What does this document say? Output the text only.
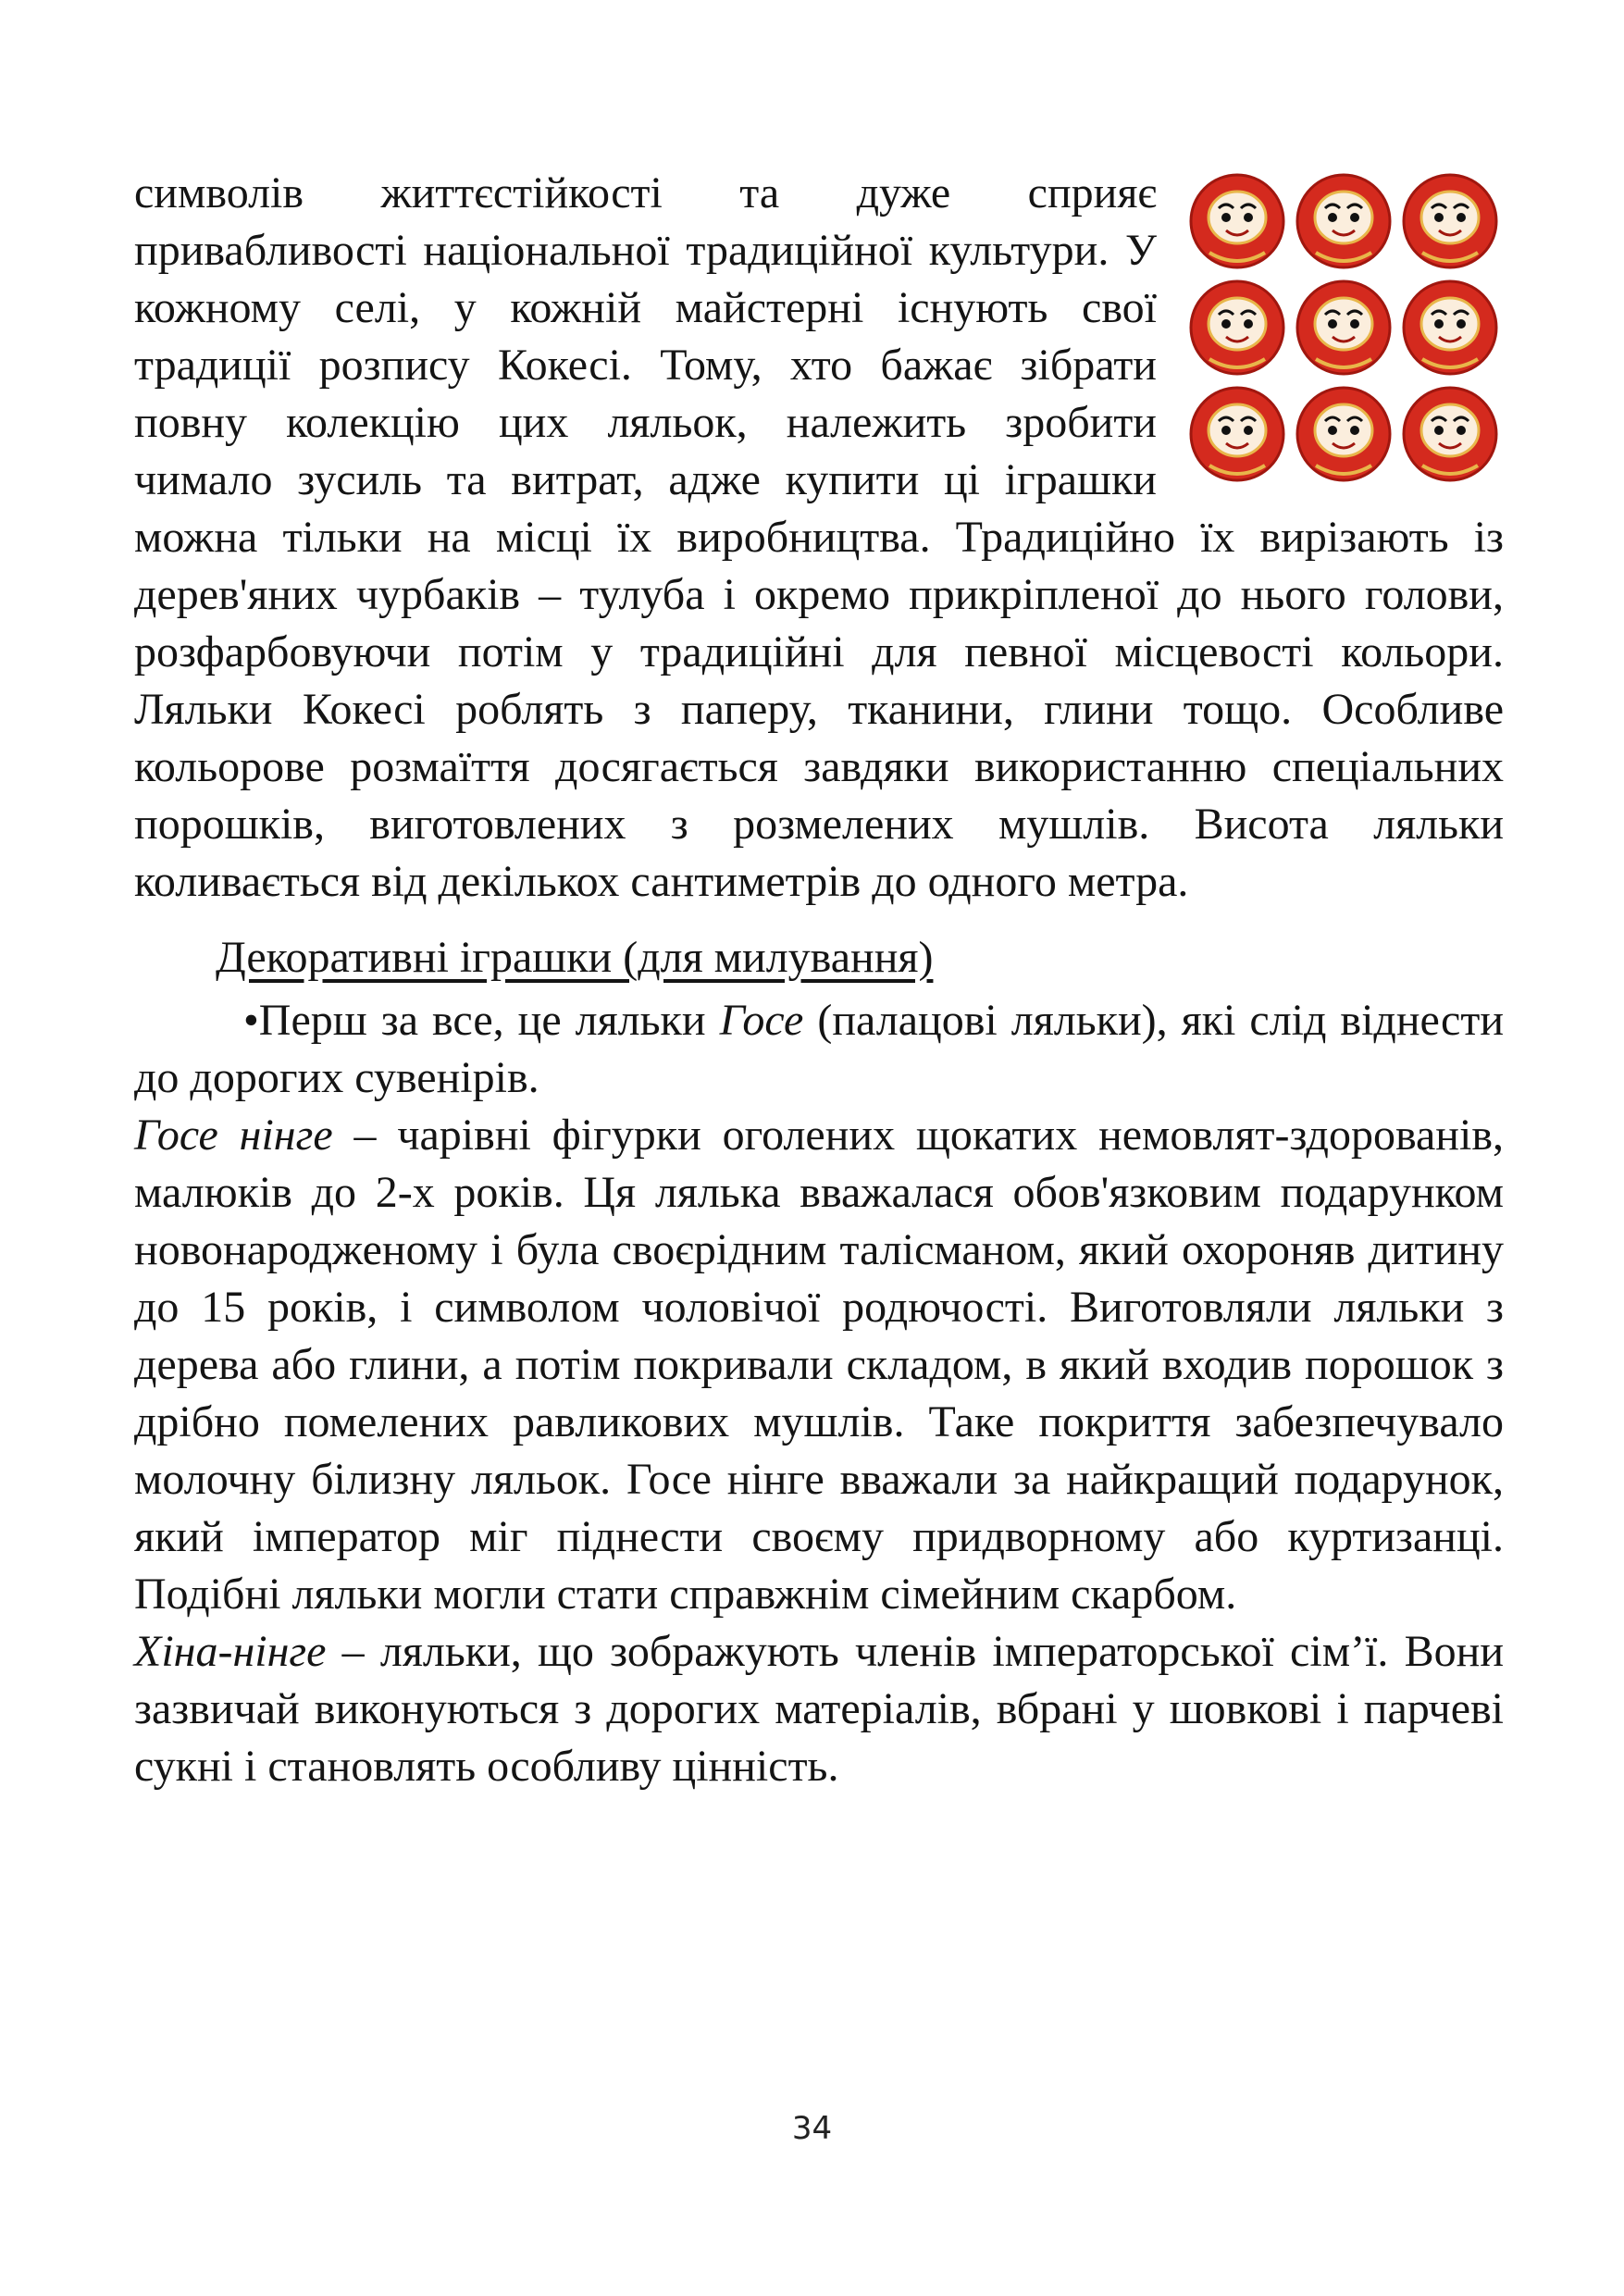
символів життєстійкості та дуже сприяє привабливості національної традиційної культури. У кожному селі, у кожній майстерні існують свої традиції розпису Кокесі. Тому, хто бажає зібрати повну колекцію цих ляльок, належить зробити чимало зусиль та витрат, адже купити ці іграшки можна тільки на місці їх виробництва. Традиційно їх вирізають із дерев'яних чурбаків – тулуба і окремо прикріпленої до нього голови, розфарбовуючи потім у традиційні для певної місцевості кольори. Ляльки Кокесі роблять з паперу, тканини, глини тощо. Особливе кольорове розмаїття досягається завдяки використанню спеціальних порошків, виготовлених з розмелених мушлів. Висота ляльки коливається від декількох сантиметрів до одного метра.

Декоративні іграшки (для милування)

•Перш за все, це ляльки Госе (палацові ляльки), які слід віднести до дорогих сувенірів.

Госе нінге – чарівні фігурки оголених щокатих немовлят-здорованів, малюків до 2-х років. Ця лялька вважалася обов'язковим подарунком новонародженому і була своєрідним талісманом, який охороняв дитину до 15 років, і символом чоловічої родючості. Виготовляли ляльки з дерева або глини, а потім покривали складом, в який входив порошок з дрібно помелених равликових мушлів. Таке покриття забезпечувало молочну білизну ляльок. Госе нінге вважали за найкращий подарунок, який імператор міг піднести своєму придворному або куртизанці. Подібні ляльки могли стати справжнім сімейним скарбом.

Хіна-нінге – ляльки, що зображують членів імператорської сім’ї. Вони зазвичай виконуються з дорогих матеріалів, вбрані у шовкові і парчеві сукні і становлять особливу цінність.

34
